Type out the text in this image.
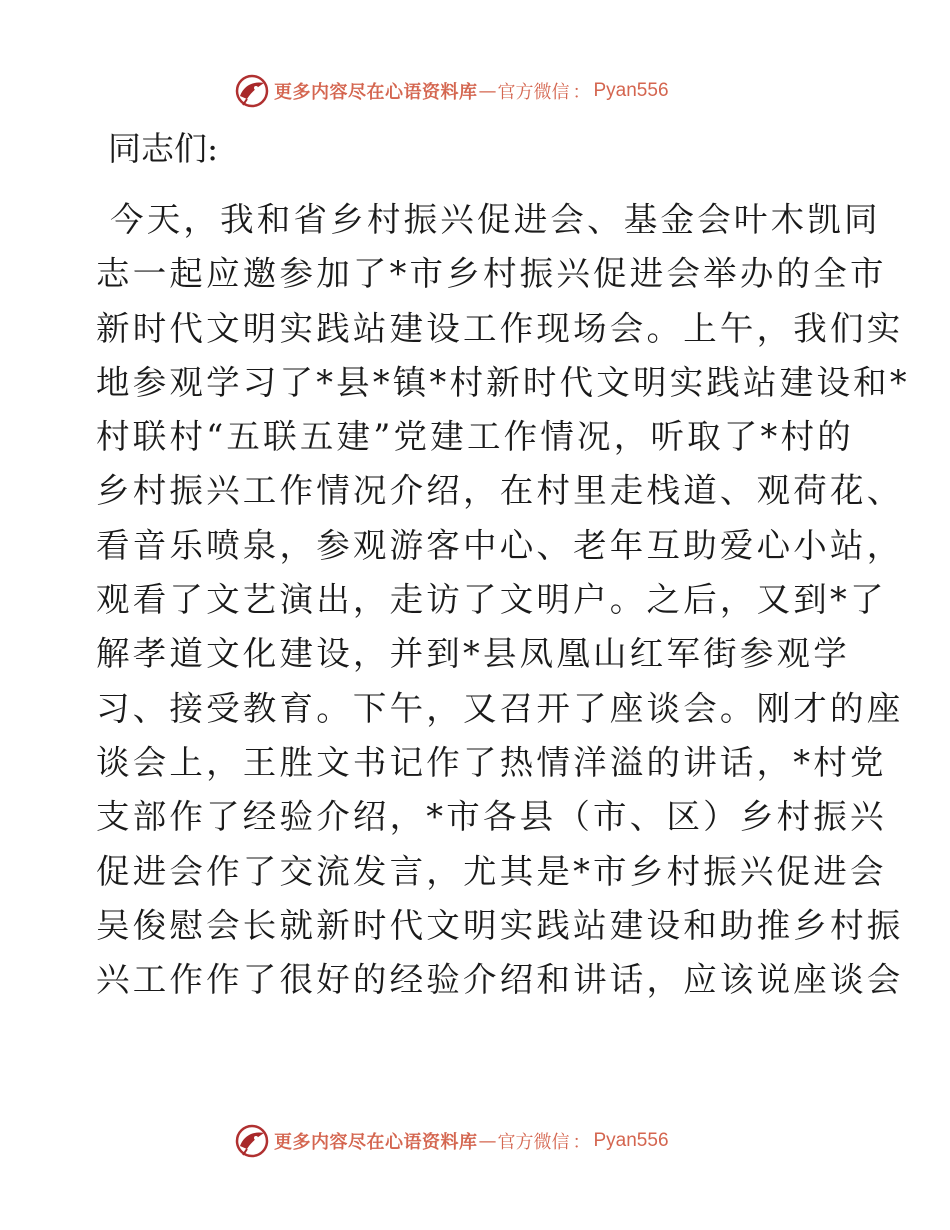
更多内容尽在心语资料库 — 官方微信 ： Pyan556
同志们:
今天，我和省乡村振兴促进会、基金会叶木凯同
志一起应邀参加了*市乡村振兴促进会举办的全市
新时代文明实践站建设工作现场会。上午，我们实
地参观学习了*县*镇*村新时代文明实践站建设和*
村联村“五联五建”党建工作情况，听取了*村的
乡村振兴工作情况介绍，在村里走栈道、观荷花、
看音乐喷泉，参观游客中心、老年互助爱心小站，
观看了文艺演出，走访了文明户。之后，又到*了
解孝道文化建设，并到*县凤凰山红军街参观学
习、接受教育。下午，又召开了座谈会。刚才的座
谈会上，王胜文书记作了热情洋溢的讲话，*村党
支部作了经验介绍，*市各县（市、区）乡村振兴
促进会作了交流发言，尤其是*市乡村振兴促进会
吴俊慰会长就新时代文明实践站建设和助推乡村振
兴工作作了很好的经验介绍和讲话，应该说座谈会
更多内容尽在心语资料库 — 官方微信 ： Pyan556
